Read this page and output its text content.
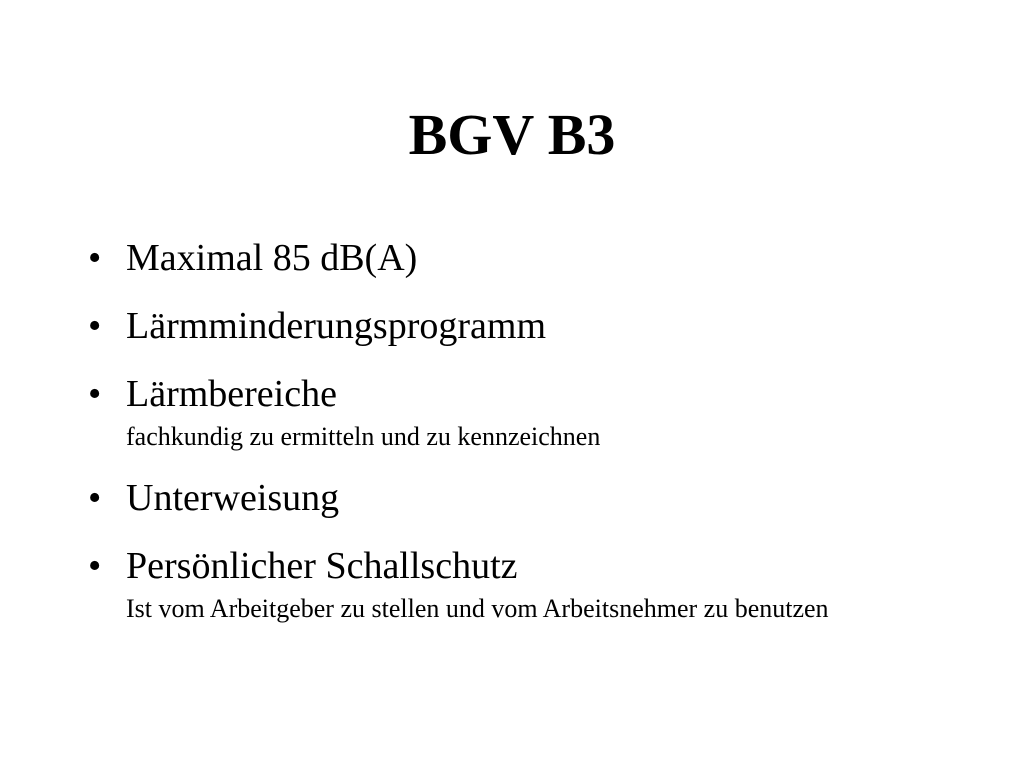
BGV B3
• Maximal 85 dB(A)
• Lärmminderungsprogramm
• Lärmbereiche
fachkundig zu ermitteln und zu kennzeichnen
• Unterweisung
• Persönlicher Schallschutz
Ist vom Arbeitgeber zu stellen und vom Arbeitsnehmer zu benutzen
